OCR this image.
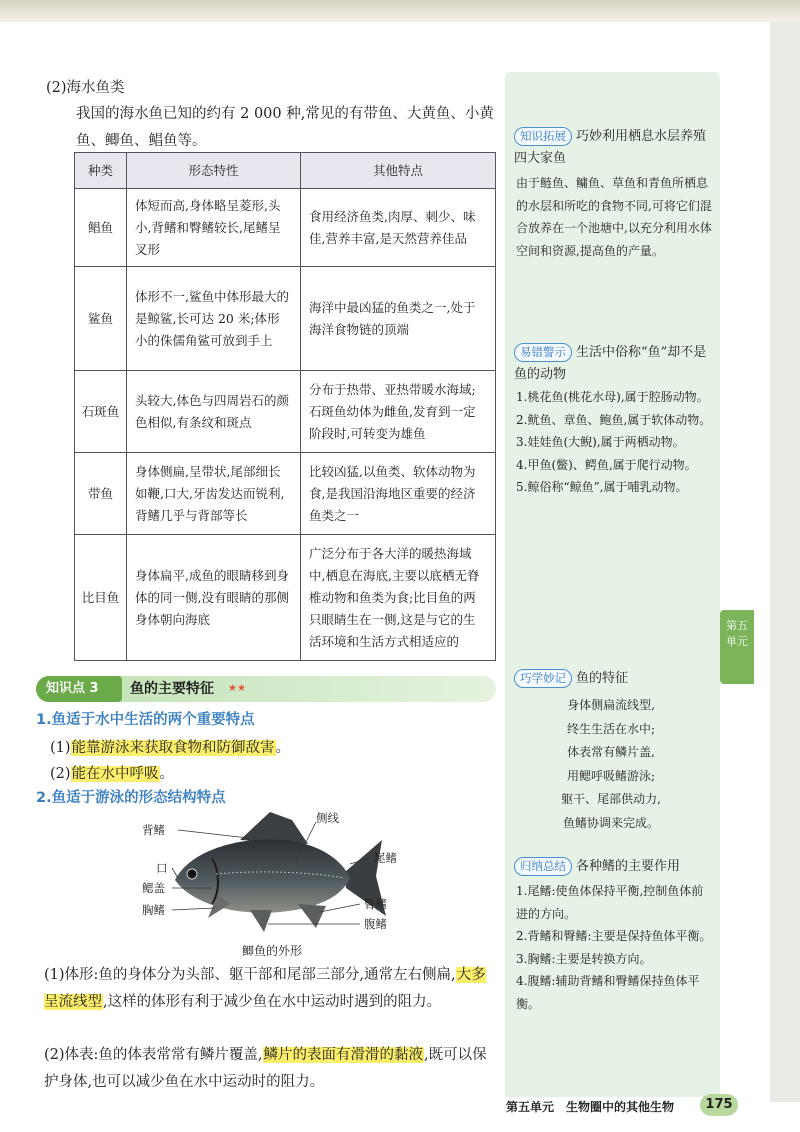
第五单元
(2)海水鱼类
我国的海水鱼已知的约有 2 000 种,常见的有带鱼、大黄鱼、小黄鱼、鲫鱼、鲳鱼等。
种类	形态特性	其他特点
鲳鱼	体短而高,身体略呈菱形,头小,背鳍和臀鳍较长,尾鳍呈叉形	食用经济鱼类,肉厚、刺少、味佳,营养丰富,是天然营养佳品
鲨鱼	体形不一,鲨鱼中体形最大的是鲸鲨,长可达 20 米;体形小的侏儒角鲨可放到手上	海洋中最凶猛的鱼类之一,处于海洋食物链的顶端
石斑鱼	头较大,体色与四周岩石的颜色相似,有条纹和斑点	分布于热带、亚热带暖水海域;石斑鱼幼体为雌鱼,发育到一定阶段时,可转变为雄鱼
带鱼	身体侧扁,呈带状,尾部细长如鞭,口大,牙齿发达而锐利,背鳍几乎与背部等长	比较凶猛,以鱼类、软体动物为食,是我国沿海地区重要的经济鱼类之一
比目鱼	身体扁平,成鱼的眼睛移到身体的同一侧,没有眼睛的那侧身体朝向海底	广泛分布于各大洋的暖热海域中,栖息在海底,主要以底栖无脊椎动物和鱼类为食;比目鱼的两只眼睛生在一侧,这是与它的生活环境和生活方式相适应的
知识点 3	鱼的主要特征 ★★
1.鱼适于水中生活的两个重要特点
(1)能靠游泳来获取食物和防御敌害。
(2)能在水中呼吸。
2.鱼适于游泳的形态结构特点
背鳍
侧线
口
尾鳍
鳃盖
胸鳍	臀鳍
腹鳍
鲫鱼的外形
(1)体形:鱼的身体分为头部、躯干部和尾部三部分,通常左右侧扁,大多呈流线型,这样的体形有利于减少鱼在水中运动时遇到的阻力。
(2)体表:鱼的体表常常有鳞片覆盖,鳞片的表面有滑滑的黏液,既可以保护身体,也可以减少鱼在水中运动时的阻力。
知识拓展 巧妙利用栖息水层养殖四大家鱼
由于鲢鱼、鳙鱼、草鱼和青鱼所栖息的水层和所吃的食物不同,可将它们混合放养在一个池塘中,以充分利用水体空间和资源,提高鱼的产量。
易错警示 生活中俗称“鱼”却不是鱼的动物
1.桃花鱼(桃花水母),属于腔肠动物。
2.鱿鱼、章鱼、鲍鱼,属于软体动物。
3.娃娃鱼(大鲵),属于两栖动物。
4.甲鱼(鳖)、鳄鱼,属于爬行动物。
5.鲸俗称“鲸鱼”,属于哺乳动物。
巧学妙记 鱼的特征
身体侧扁流线型,
终生生活在水中;
体表常有鳞片盖,
用鳃呼吸鳍游泳;
躯干、尾部供动力,
鱼鳍协调来完成。
归纳总结 各种鳍的主要作用
1.尾鳍:使鱼体保持平衡,控制鱼体前进的方向。
2.背鳍和臀鳍:主要是保持鱼体平衡。
3.胸鳍:主要是转换方向。
4.腹鳍:辅助背鳍和臀鳍保持鱼体平衡。
第五单元　生物圈中的其他生物	175
